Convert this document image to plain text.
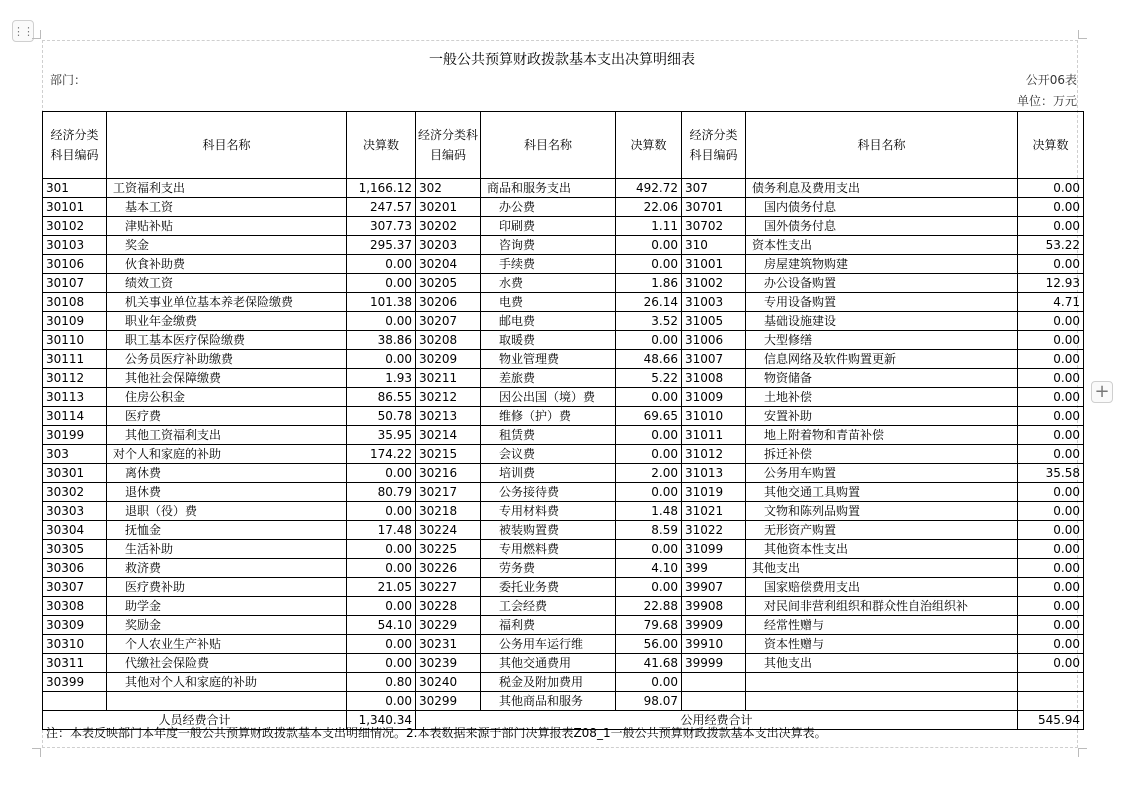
⋮⋮
+
一般公共预算财政拨款基本支出决算明细表
部门：	公开06表
单位：万元
经济分类科目编码	科目名称	决算数	经济分类科目编码	科目名称	决算数	经济分类科目编码	科目名称	决算数
301	工资福利支出	1,166.12	302	商品和服务支出	492.72	307	债务利息及费用支出	0.00
30101	基本工资	247.57	30201	办公费	22.06	30701	国内债务付息	0.00
30102	津贴补贴	307.73	30202	印刷费	1.11	30702	国外债务付息	0.00
30103	奖金	295.37	30203	咨询费	0.00	310	资本性支出	53.22
30106	伙食补助费	0.00	30204	手续费	0.00	31001	房屋建筑物购建	0.00
30107	绩效工资	0.00	30205	水费	1.86	31002	办公设备购置	12.93
30108	机关事业单位基本养老保险缴费	101.38	30206	电费	26.14	31003	专用设备购置	4.71
30109	职业年金缴费	0.00	30207	邮电费	3.52	31005	基础设施建设	0.00
30110	职工基本医疗保险缴费	38.86	30208	取暖费	0.00	31006	大型修缮	0.00
30111	公务员医疗补助缴费	0.00	30209	物业管理费	48.66	31007	信息网络及软件购置更新	0.00
30112	其他社会保障缴费	1.93	30211	差旅费	5.22	31008	物资储备	0.00
30113	住房公积金	86.55	30212	因公出国（境）费	0.00	31009	土地补偿	0.00
30114	医疗费	50.78	30213	维修（护）费	69.65	31010	安置补助	0.00
30199	其他工资福利支出	35.95	30214	租赁费	0.00	31011	地上附着物和青苗补偿	0.00
303	对个人和家庭的补助	174.22	30215	会议费	0.00	31012	拆迁补偿	0.00
30301	离休费	0.00	30216	培训费	2.00	31013	公务用车购置	35.58
30302	退休费	80.79	30217	公务接待费	0.00	31019	其他交通工具购置	0.00
30303	退职（役）费	0.00	30218	专用材料费	1.48	31021	文物和陈列品购置	0.00
30304	抚恤金	17.48	30224	被装购置费	8.59	31022	无形资产购置	0.00
30305	生活补助	0.00	30225	专用燃料费	0.00	31099	其他资本性支出	0.00
30306	救济费	0.00	30226	劳务费	4.10	399	其他支出	0.00
30307	医疗费补助	21.05	30227	委托业务费	0.00	39907	国家赔偿费用支出	0.00
30308	助学金	0.00	30228	工会经费	22.88	39908	对民间非营利组织和群众性自治组织补	0.00
30309	奖励金	54.10	30229	福利费	79.68	39909	经常性赠与	0.00
30310	个人农业生产补贴	0.00	30231	公务用车运行维	56.00	39910	资本性赠与	0.00
30311	代缴社会保险费	0.00	30239	其他交通费用	41.68	39999	其他支出	0.00
30399	其他对个人和家庭的补助	0.80	30240	税金及附加费用	0.00			
		0.00	30299	其他商品和服务	98.07			
人员经费合计		1,340.34	公用经费合计					545.94
注：本表反映部门本年度一般公共预算财政拨款基本支出明细情况。2.本表数据来源于部门决算报表Z08_1一般公共预算财政拨款基本支出决算表。
